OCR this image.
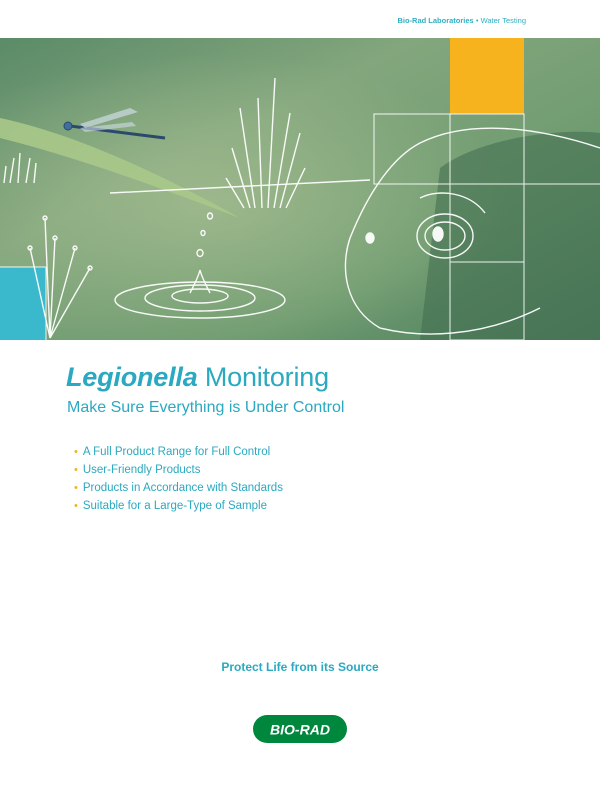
Bio-Rad Laboratories • Water Testing
Legionella Monitoring
Make Sure Everything is Under Control
• A Full Product Range for Full Control
• User-Friendly Products
• Products in Accordance with Standards
• Suitable for a Large-Type of Sample
Protect Life from its Source
BIO-RAD
